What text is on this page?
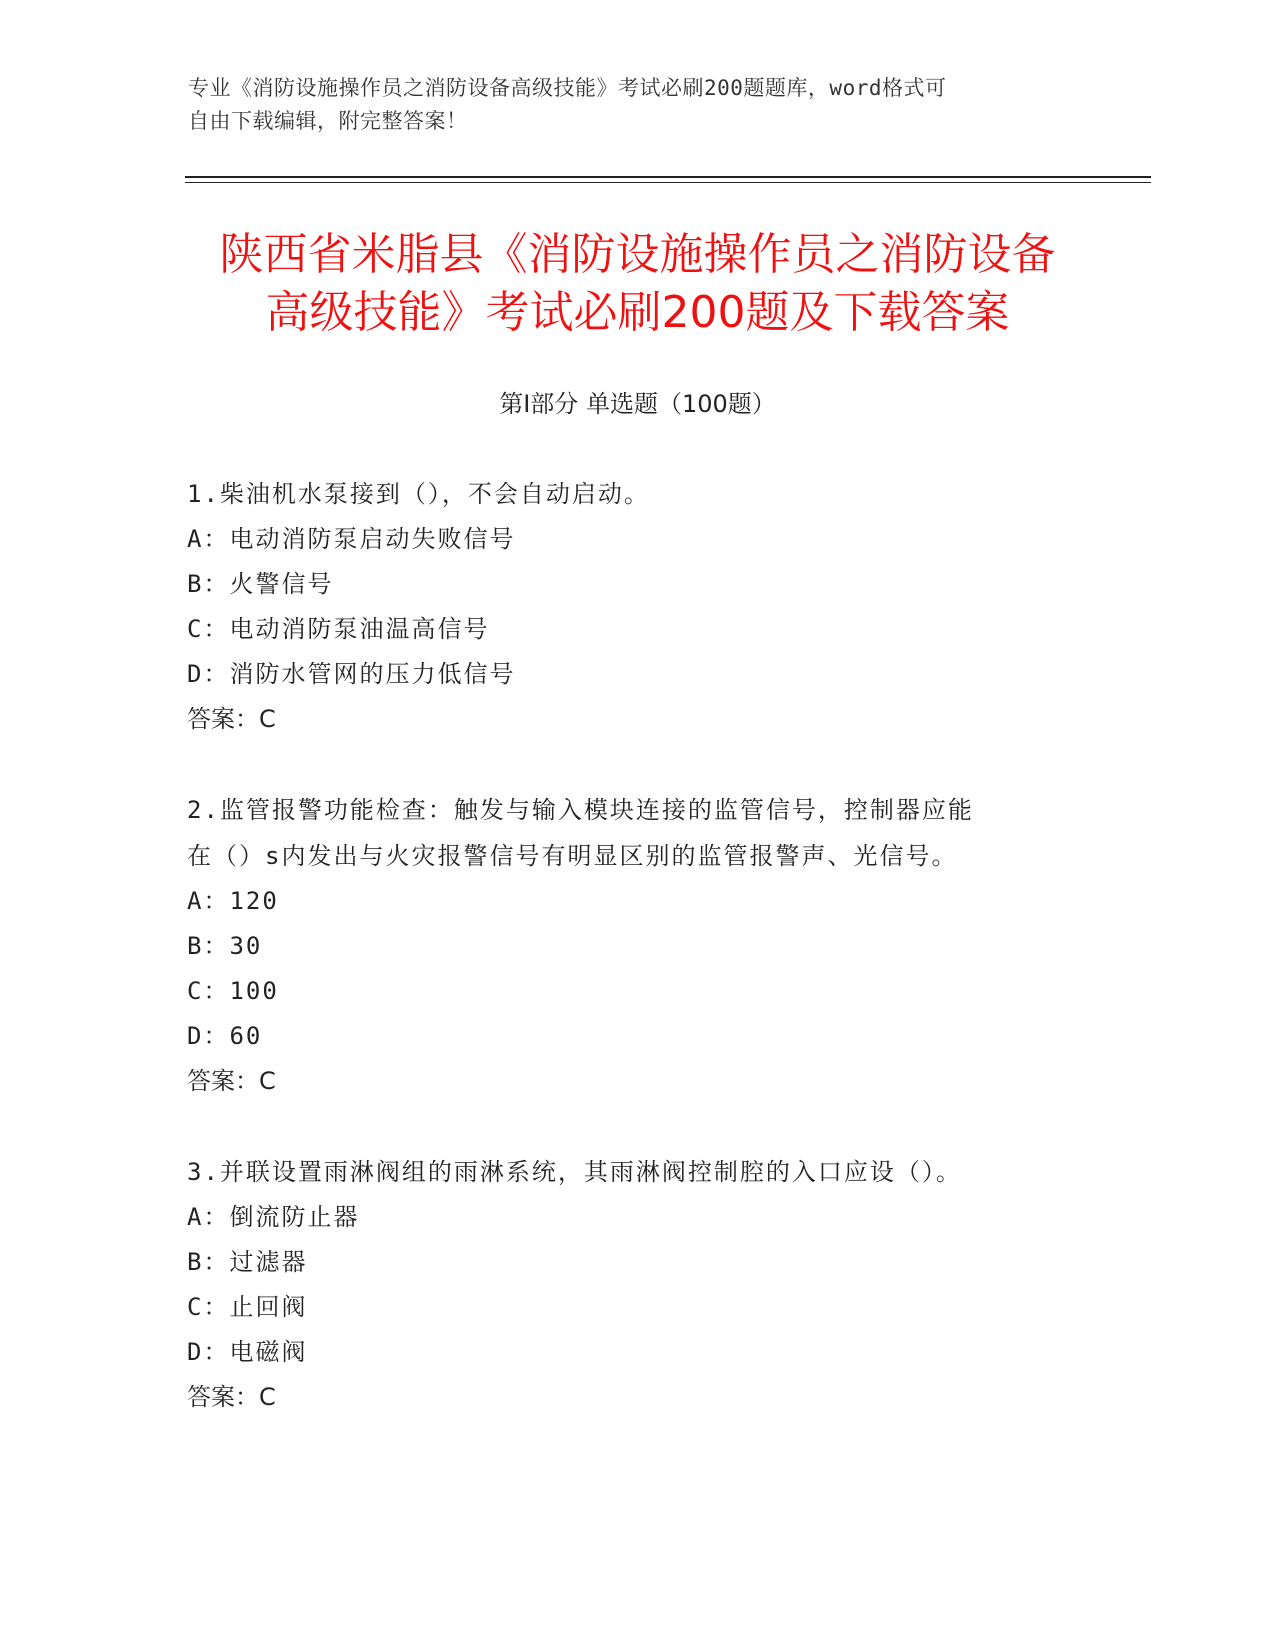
专业《消防设施操作员之消防设备高级技能》考试必刷200题题库，word格式可
自由下载编辑，附完整答案！
陕西省米脂县《消防设施操作员之消防设备
高级技能》考试必刷200题及下载答案
第Ⅰ部分 单选题（100题）
1.柴油机水泵接到（），不会自动启动。
A：电动消防泵启动失败信号
B：火警信号
C：电动消防泵油温高信号
D：消防水管网的压力低信号
答案：C
2.监管报警功能检查：触发与输入模块连接的监管信号，控制器应能
在（）s内发出与火灾报警信号有明显区别的监管报警声、光信号。
A：120
B：30
C：100
D：60
答案：C
3.并联设置雨淋阀组的雨淋系统，其雨淋阀控制腔的入口应设（）。
A：倒流防止器
B：过滤器
C：止回阀
D：电磁阀
答案：C
